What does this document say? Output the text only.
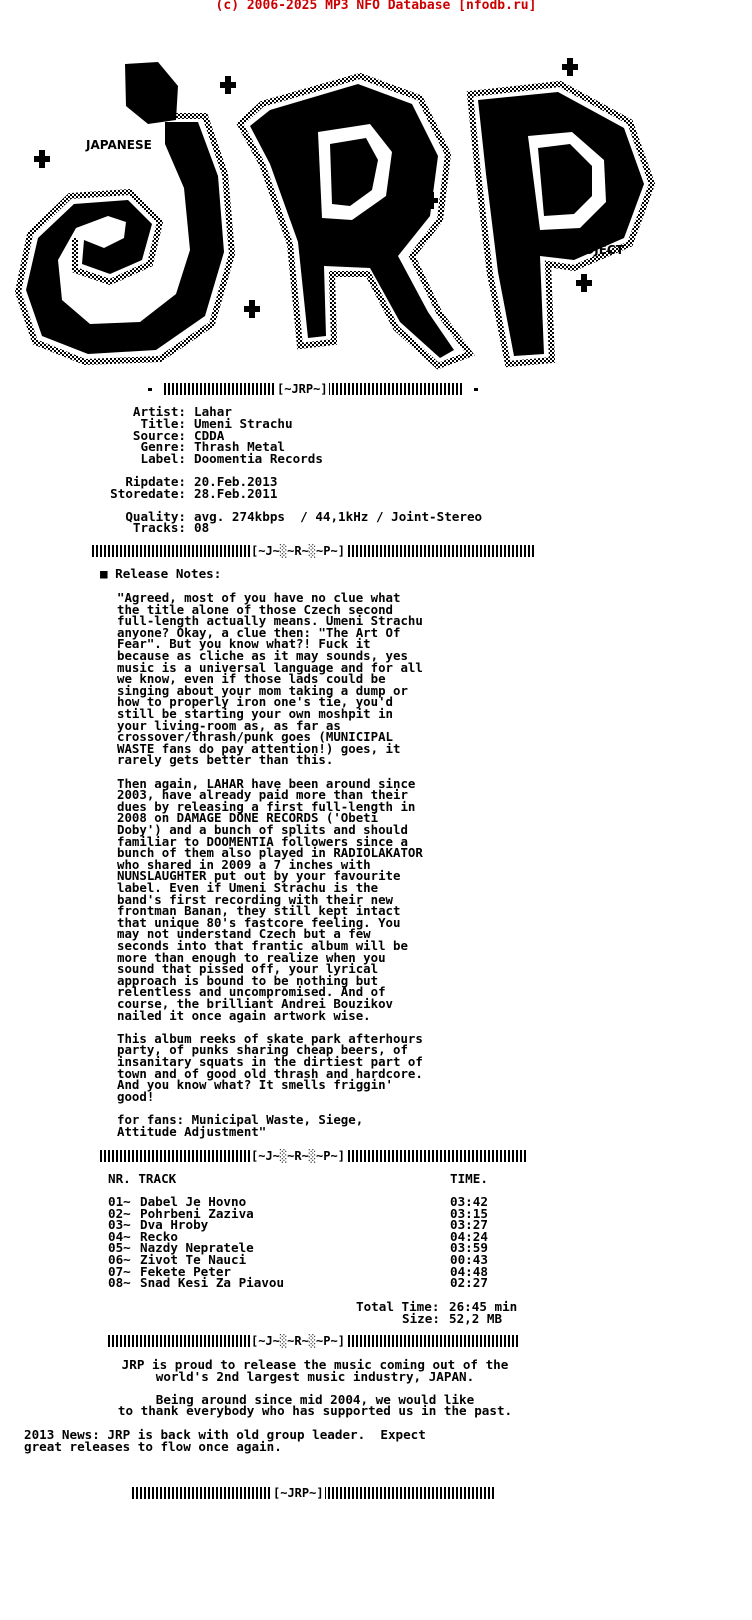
(c) 2006-2025 MP3 NFO Database [nfodb.ru]
JAPANESE
RELEASE
PROJECT
[~JRP~]
Artist: Lahar
Title: Umeni Strachu
Source: CDDA
Genre: Thrash Metal
Label: Doomentia Records
Ripdate: 20.Feb.2013
Storedate: 28.Feb.2011
Quality: avg. 274kbps  / 44,1kHz / Joint-Stereo
Tracks: 08
[~J~░~R~░~P~]
■ Release Notes:
"Agreed, most of you have no clue what
the title alone of those Czech second
full-length actually means. Umeni Strachu
anyone? Okay, a clue then: "The Art Of
Fear". But you know what?! Fuck it
because as cliche as it may sounds, yes
music is a universal language and for all
we know, even if those lads could be
singing about your mom taking a dump or
how to properly iron one's tie, you'd
still be starting your own moshpit in
your living-room as, as far as
crossover/thrash/punk goes (MUNICIPAL
WASTE fans do pay attention!) goes, it
rarely gets better than this.
Then again, LAHAR have been around since
2003, have already paid more than their
dues by releasing a first full-length in
2008 on DAMAGE DONE RECORDS ('Obeti
Doby') and a bunch of splits and should
familiar to DOOMENTIA followers since a
bunch of them also played in RADIOLAKATOR
who shared in 2009 a 7 inches with
NUNSLAUGHTER put out by your favourite
label. Even if Umeni Strachu is the
band's first recording with their new
frontman Banan, they still kept intact
that unique 80's fastcore feeling. You
may not understand Czech but a few
seconds into that frantic album will be
more than enough to realize when you
sound that pissed off, your lyrical
approach is bound to be nothing but
relentless and uncompromised. And of
course, the brilliant Andrei Bouzikov
nailed it once again artwork wise.
This album reeks of skate park afterhours
party, of punks sharing cheap beers, of
insanitary squats in the dirtiest part of
town and of good old thrash and hardcore.
And you know what? It smells friggin'
good!
for fans: Municipal Waste, Siege,
Attitude Adjustment"
[~J~░~R~░~P~]
NR. TRACK	TIME.
01~ Dabel Je Hovno	03:42
02~ Pohrbeni Zaziva	03:15
03~ Dva Hroby	03:27
04~ Recko	04:24
05~ Nazdy Nepratele	03:59
06~ Zivot Te Nauci	00:43
07~ Fekete Peter	04:48
08~ Snad Kesi Za Piavou	02:27
Total Time: 26:45 min
Size: 52,2 MB
[~J~░~R~░~P~]
JRP is proud to release the music coming out of the
world's 2nd largest music industry, JAPAN.
Being around since mid 2004, we would like
to thank everybody who has supported us in the past.
2013 News: JRP is back with old group leader.  Expect
great releases to flow once again.
[~JRP~]
